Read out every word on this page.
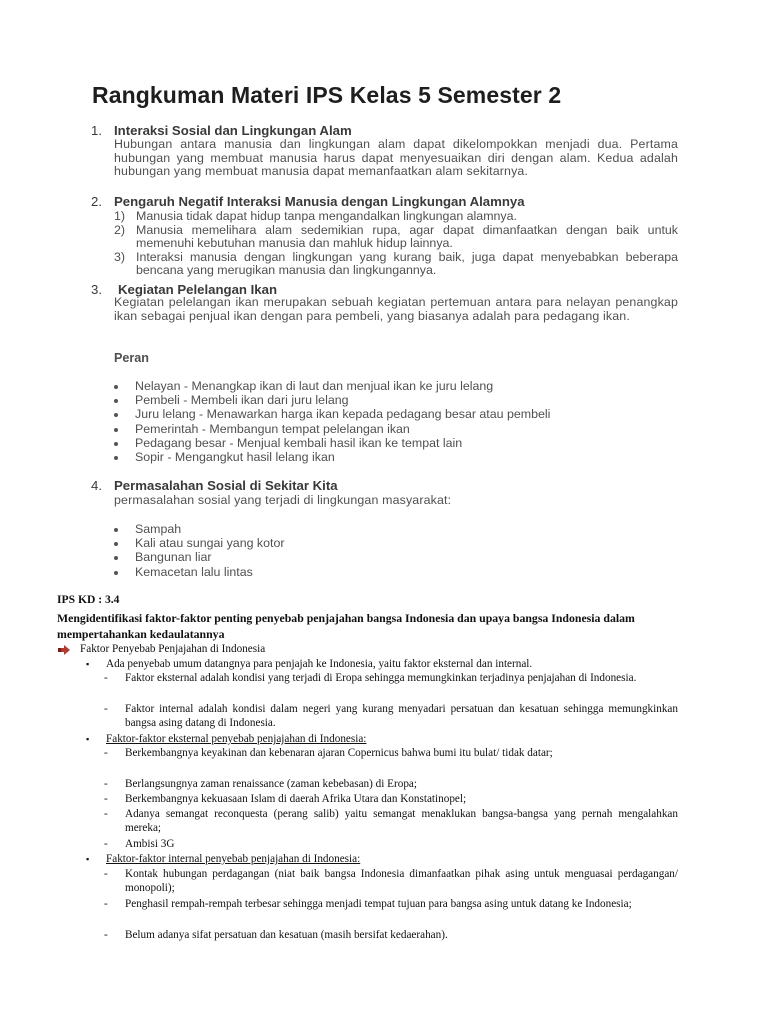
Rangkuman Materi IPS Kelas 5 Semester 2
1. Interaksi Sosial dan Lingkungan Alam
Hubungan antara manusia dan lingkungan alam dapat dikelompokkan menjadi dua. Pertama hubungan yang membuat manusia harus dapat menyesuaikan diri dengan alam. Kedua adalah hubungan yang membuat manusia dapat memanfaatkan alam sekitarnya.
2. Pengaruh Negatif Interaksi Manusia dengan Lingkungan Alamnya
1) Manusia tidak dapat hidup tanpa mengandalkan lingkungan alamnya.
2) Manusia memelihara alam sedemikian rupa, agar dapat dimanfaatkan dengan baik untuk memenuhi kebutuhan manusia dan mahluk hidup lainnya.
3) Interaksi manusia dengan lingkungan yang kurang baik, juga dapat menyebabkan beberapa bencana yang merugikan manusia dan lingkungannya.
3. Kegiatan Pelelangan Ikan
Kegiatan pelelangan ikan merupakan sebuah kegiatan pertemuan antara para nelayan penangkap ikan sebagai penjual ikan dengan para pembeli, yang biasanya adalah para pedagang ikan.
Peran
Nelayan - Menangkap ikan di laut dan menjual ikan ke juru lelang
Pembeli - Membeli ikan dari juru lelang
Juru lelang - Menawarkan harga ikan kepada pedagang besar atau pembeli
Pemerintah - Membangun tempat pelelangan ikan
Pedagang besar - Menjual kembali hasil ikan ke tempat lain
Sopir - Mengangkut hasil lelang ikan
4. Permasalahan Sosial di Sekitar Kita
permasalahan sosial yang terjadi di lingkungan masyarakat:
Sampah
Kali atau sungai yang kotor
Bangunan liar
Kemacetan lalu lintas
IPS KD : 3.4
Mengidentifikasi faktor-faktor penting penyebab penjajahan bangsa Indonesia dan upaya bangsa Indonesia dalam mempertahankan kedaulatannya
Faktor Penyebab Penjajahan di Indonesia
▪ Ada penyebab umum datangnya para penjajah ke Indonesia, yaitu faktor eksternal dan internal.
- Faktor eksternal adalah kondisi yang terjadi di Eropa sehingga memungkinkan terjadinya penjajahan di Indonesia.
- Faktor internal adalah kondisi dalam negeri yang kurang menyadari persatuan dan kesatuan sehingga memungkinkan bangsa asing datang di Indonesia.
▪ Faktor-faktor eksternal penyebab penjajahan di Indonesia:
- Berkembangnya keyakinan dan kebenaran ajaran Copernicus bahwa bumi itu bulat/ tidak datar;
- Berlangsungnya zaman renaissance (zaman kebebasan) di Eropa;
- Berkembangnya kekuasaan Islam di daerah Afrika Utara dan Konstatinopel;
- Adanya semangat reconquesta (perang salib) yaitu semangat menaklukan bangsa-bangsa yang pernah mengalahkan mereka;
- Ambisi 3G
▪ Faktor-faktor internal penyebab penjajahan di Indonesia:
- Kontak hubungan perdagangan (niat baik bangsa Indonesia dimanfaatkan pihak asing untuk menguasai perdagangan/ monopoli);
- Penghasil rempah-rempah terbesar sehingga menjadi tempat tujuan para bangsa asing untuk datang ke Indonesia;
- Belum adanya sifat persatuan dan kesatuan (masih bersifat kedaerahan).
